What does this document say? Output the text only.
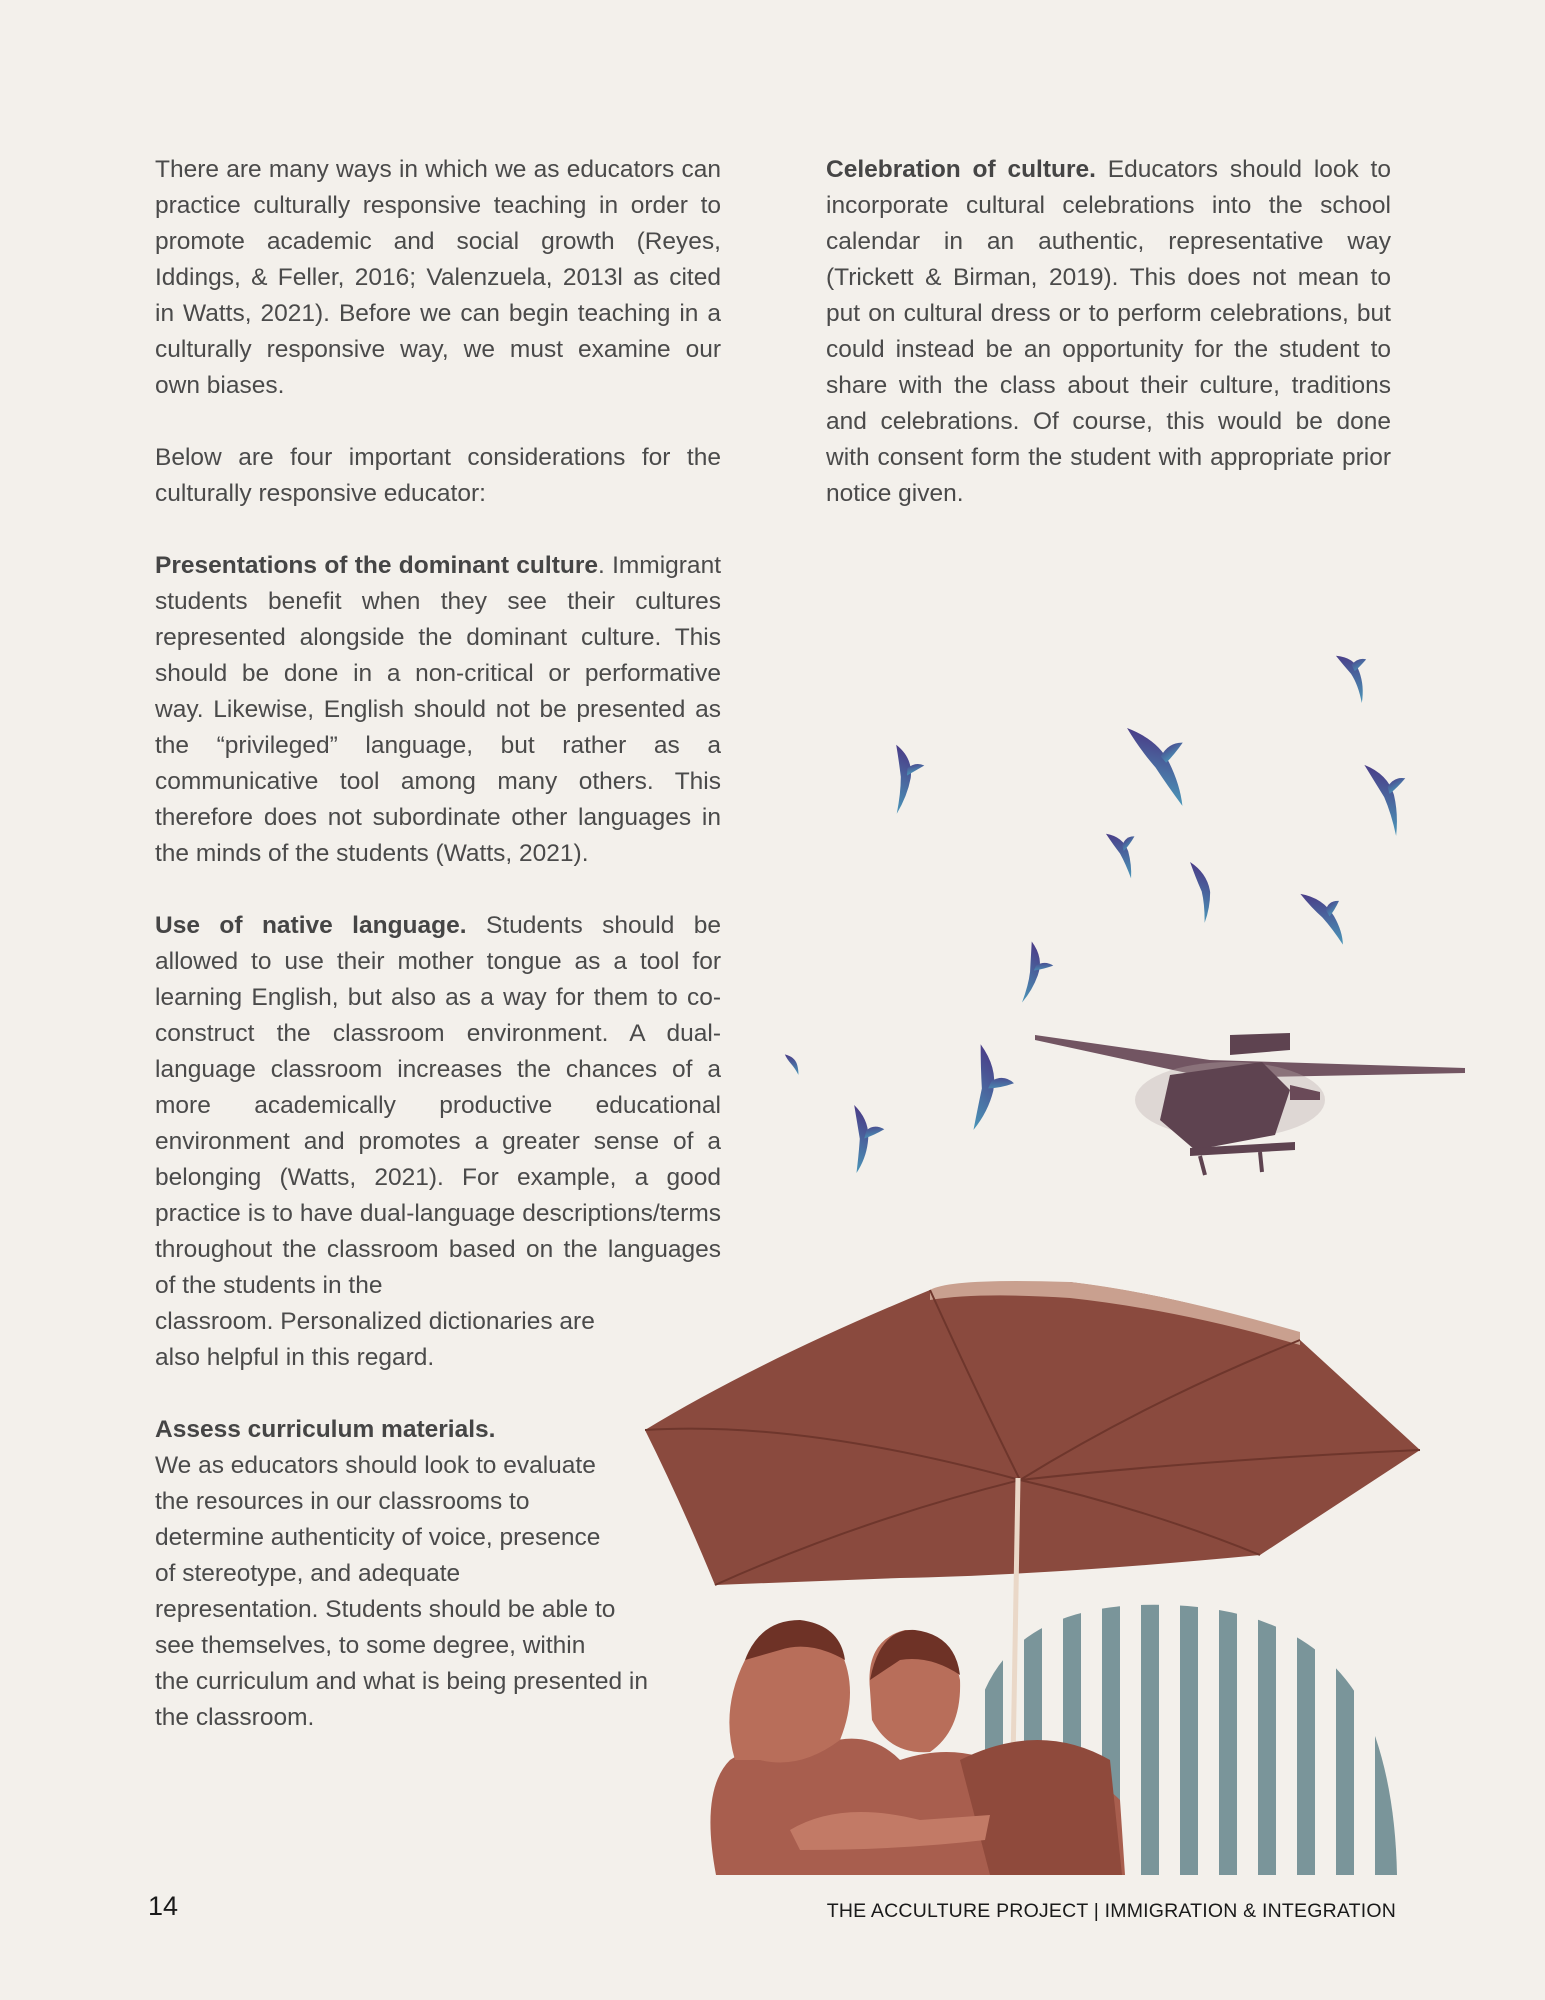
There are many ways in which we as educators can practice culturally responsive teaching in order to promote academic and social growth (Reyes, Iddings, & Feller, 2016; Valenzuela, 2013l as cited in Watts, 2021). Before we can begin teaching in a culturally responsive way, we must examine our own biases.

Below are four important considerations for the culturally responsive educator:

Presentations of the dominant culture. Immigrant students benefit when they see their cultures represented alongside the dominant culture. This should be done in a non-critical or performative way. Likewise, English should not be presented as the “privileged” language, but rather as a communicative tool among many others. This therefore does not subordinate other languages in the minds of the students (Watts, 2021).

Use of native language. Students should be allowed to use their mother tongue as a tool for learning English, but also as a way for them to co-construct the classroom environment. A dual-language classroom increases the chances of a more academically productive educational environment and promotes a greater sense of a belonging (Watts, 2021). For example, a good practice is to have dual-language descriptions/terms throughout the classroom based on the languages of the students in the
classroom. Personalized dictionaries are
also helpful in this regard.

Assess curriculum materials.
We as educators should look to evaluate
the resources in our classrooms to
determine authenticity of voice, presence
of stereotype, and adequate
representation. Students should be able to
see themselves, to some degree, within
the curriculum and what is being presented in
the classroom.

Celebration of culture. Educators should look to incorporate cultural celebrations into the school calendar in an authentic, representative way (Trickett & Birman, 2019). This does not mean to put on cultural dress or to perform celebrations, but could instead be an opportunity for the student to share with the class about their culture, traditions and celebrations. Of course, this would be done with consent form the student with appropriate prior notice given.

14	THE ACCULTURE PROJECT | IMMIGRATION & INTEGRATION
